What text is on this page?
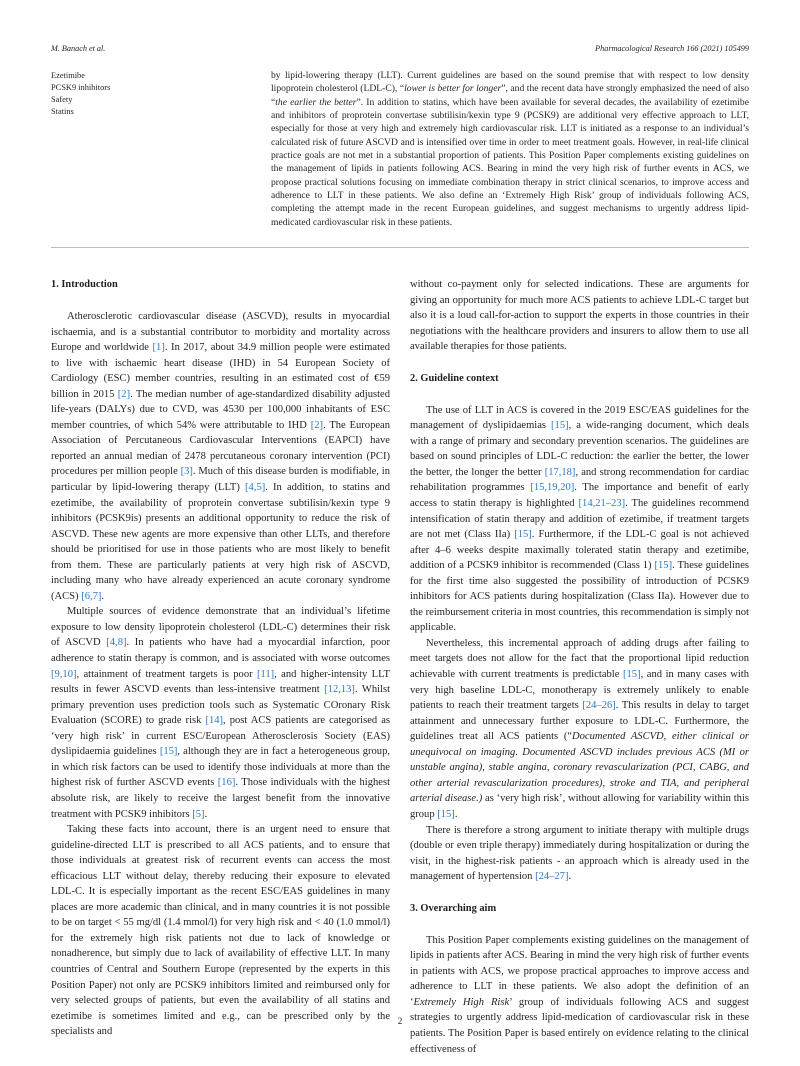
M. Banach et al.	Pharmacological Research 166 (2021) 105499
Ezetimibe
PCSK9 inhibitors
Safety
Statins
by lipid-lowering therapy (LLT). Current guidelines are based on the sound premise that with respect to low density lipoprotein cholesterol (LDL-C), “lower is better for longer”, and the recent data have strongly emphasized the need of also “the earlier the better”. In addition to statins, which have been available for several decades, the availability of ezetimibe and inhibitors of proprotein convertase subtilisin/kexin type 9 (PCSK9) are additional very effective approach to LLT, especially for those at very high and extremely high cardiovascular risk. LLT is initiated as a response to an individual’s calculated risk of future ASCVD and is intensified over time in order to meet treatment goals. However, in real-life clinical practice goals are not met in a substantial proportion of patients. This Position Paper complements existing guidelines on the management of lipids in patients following ACS. Bearing in mind the very high risk of further events in ACS, we propose practical solutions focusing on immediate combination therapy in strict clinical scenarios, to improve access and adherence to LLT in these patients. We also define an ‘Extremely High Risk’ group of individuals following ACS, completing the attempt made in the recent European guidelines, and suggest mechanisms to urgently address lipid-medicated cardiovascular risk in these patients.
1. Introduction

Atherosclerotic cardiovascular disease (ASCVD), results in myocardial ischaemia, and is a substantial contributor to morbidity and mortality across Europe and worldwide [1]. In 2017, about 34.9 million people were estimated to live with ischaemic heart disease (IHD) in 54 European Society of Cardiology (ESC) member countries, resulting in an estimated cost of €59 billion in 2015 [2]. The median number of age-standardized disability adjusted life-years (DALYs) due to CVD, was 4530 per 100,000 inhabitants of ESC member countries, of which 54% were attributable to IHD [2]. The European Association of Percutaneous Cardiovascular Interventions (EAPCI) have reported an annual median of 2478 percutaneous coronary intervention (PCI) procedures per million people [3]. Much of this disease burden is modifiable, in particular by lipid-lowering therapy (LLT) [4,5]. In addition, to statins and ezetimibe, the availability of proprotein convertase subtilisin/kexin type 9 inhibitors (PCSK9is) presents an additional opportunity to reduce the risk of ASCVD. These new agents are more expensive than other LLTs, and therefore should be prioritised for use in those patients who are most likely to benefit from them. These are particularly patients at very high risk of ASCVD, including many who have already experienced an acute coronary syndrome (ACS) [6,7].

Multiple sources of evidence demonstrate that an individual’s lifetime exposure to low density lipoprotein cholesterol (LDL-C) determines their risk of ASCVD [4,8]. In patients who have had a myocardial infarction, poor adherence to statin therapy is common, and is associated with worse outcomes [9,10], attainment of treatment targets is poor [11], and higher-intensity LLT results in fewer ASCVD events than less-intensive treatment [12,13]. Whilst primary prevention uses prediction tools such as Systematic COronary Risk Evaluation (SCORE) to grade risk [14], post ACS patients are categorised as ‘very high risk’ in current ESC/European Atherosclerosis Society (EAS) dyslipidaemia guidelines [15], although they are in fact a heterogeneous group, in which risk factors can be used to identify those individuals at more than the highest risk of further ASCVD events [16]. Those individuals with the highest absolute risk, are likely to receive the largest benefit from the innovative treatment with PCSK9 inhibitors [5].

Taking these facts into account, there is an urgent need to ensure that guideline-directed LLT is prescribed to all ACS patients, and to ensure that those individuals at greatest risk of recurrent events can access the most efficacious LLT without delay, thereby reducing their exposure to elevated LDL-C. It is especially important as the recent ESC/EAS guidelines in many places are more academic than clinical, and in many countries it is not possible to be on target < 55 mg/dl (1.4 mmol/l) for very high risk and < 40 (1.0 mmol/l) for the extremely high risk patients not due to lack of knowledge or nonadherence, but simply due to lack of availability of effective LLT. In many countries of Central and Southern Europe (represented by the experts in this Position Paper) not only are PCSK9 inhibitors limited and reimbursed only for very selected groups of patients, but even the availability of all statins and ezetimibe is sometimes limited and e.g., can be prescribed only by the specialists and

without co-payment only for selected indications. These are arguments for giving an opportunity for much more ACS patients to achieve LDL-C target but also it is a loud call-for-action to support the experts in those countries in their negotiations with the healthcare providers and insurers to allow them to use all available therapies for those patients.

2. Guideline context

The use of LLT in ACS is covered in the 2019 ESC/EAS guidelines for the management of dyslipidaemias [15], a wide-ranging document, which deals with a range of primary and secondary prevention scenarios. The guidelines are based on sound principles of LDL-C reduction: the earlier the better, the lower the better, the longer the better [17,18], and strong recommendation for cardiac rehabilitation programmes [15,19,20]. The importance and benefit of early access to statin therapy is highlighted [14,21–23]. The guidelines recommend intensification of statin therapy and addition of ezetimibe, if treatment targets are not met (Class IIa) [15]. Furthermore, if the LDL-C goal is not achieved after 4–6 weeks despite maximally tolerated statin therapy and ezetimibe, addition of a PCSK9 inhibitor is recommended (Class 1) [15]. These guidelines for the first time also suggested the possibility of introduction of PCSK9 inhibitors for ACS patients during hospitalization (Class IIa). However due to the reimbursement criteria in most countries, this recommendation is simply not applicable.

Nevertheless, this incremental approach of adding drugs after failing to meet targets does not allow for the fact that the proportional lipid reduction achievable with current treatments is predictable [15], and in many cases with very high baseline LDL-C, monotherapy is extremely unlikely to enable patients to reach their treatment targets [24–26]. This results in delay to target attainment and unnecessary further exposure to LDL-C. Furthermore, the guidelines treat all ACS patients (“Documented ASCVD, either clinical or unequivocal on imaging. Documented ASCVD includes previous ACS (MI or unstable angina), stable angina, coronary revascularization (PCI, CABG, and other arterial revascularization procedures), stroke and TIA, and peripheral arterial disease.) as ‘very high risk’, without allowing for variability within this group [15].

There is therefore a strong argument to initiate therapy with multiple drugs (double or even triple therapy) immediately during hospitalization or during the visit, in the highest-risk patients - an approach which is already used in the management of hypertension [24–27].

3. Overarching aim

This Position Paper complements existing guidelines on the management of lipids in patients after ACS. Bearing in mind the very high risk of further events in patients with ACS, we propose practical approaches to improve access and adherence to LLT in these patients. We also adopt the definition of an ‘Extremely High Risk’ group of individuals following ACS and suggest strategies to urgently address lipid-medication of cardiovascular risk in these patients. The Position Paper is based entirely on evidence relating to the clinical effectiveness of

2
